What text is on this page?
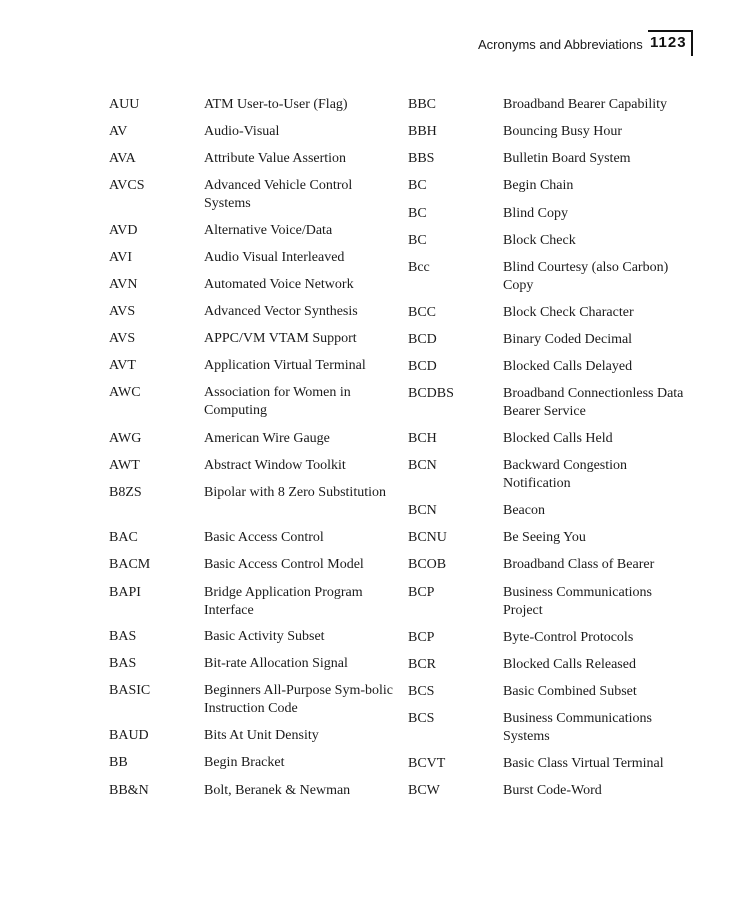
Acronyms and Abbreviations 1123
AUU	ATM User-to-User (Flag)
AV	Audio-Visual
AVA	Attribute Value Assertion
AVCS	Advanced Vehicle Control Systems
AVD	Alternative Voice/Data
AVI	Audio Visual Interleaved
AVN	Automated Voice Network
AVS	Advanced Vector Synthesis
AVS	APPC/VM VTAM Support
AVT	Application Virtual Terminal
AWC	Association for Women in Computing
AWG	American Wire Gauge
AWT	Abstract Window Toolkit
B8ZS	Bipolar with 8 Zero Substitution
BAC	Basic Access Control
BACM	Basic Access Control Model
BAPI	Bridge Application Program Interface
BAS	Basic Activity Subset
BAS	Bit-rate Allocation Signal
BASIC	Beginners All-Purpose Sym-bolic Instruction Code
BAUD	Bits At Unit Density
BB	Begin Bracket
BB&N	Bolt, Beranek & Newman
BBC	Broadband Bearer Capability
BBH	Bouncing Busy Hour
BBS	Bulletin Board System
BC	Begin Chain
BC	Blind Copy
BC	Block Check
Bcc	Blind Courtesy (also Carbon) Copy
BCC	Block Check Character
BCD	Binary Coded Decimal
BCD	Blocked Calls Delayed
BCDBS	Broadband Connectionless Data Bearer Service
BCH	Blocked Calls Held
BCN	Backward Congestion Notification
BCN	Beacon
BCNU	Be Seeing You
BCOB	Broadband Class of Bearer
BCP	Business Communications Project
BCP	Byte-Control Protocols
BCR	Blocked Calls Released
BCS	Basic Combined Subset
BCS	Business Communications Systems
BCVT	Basic Class Virtual Terminal
BCW	Burst Code-Word
